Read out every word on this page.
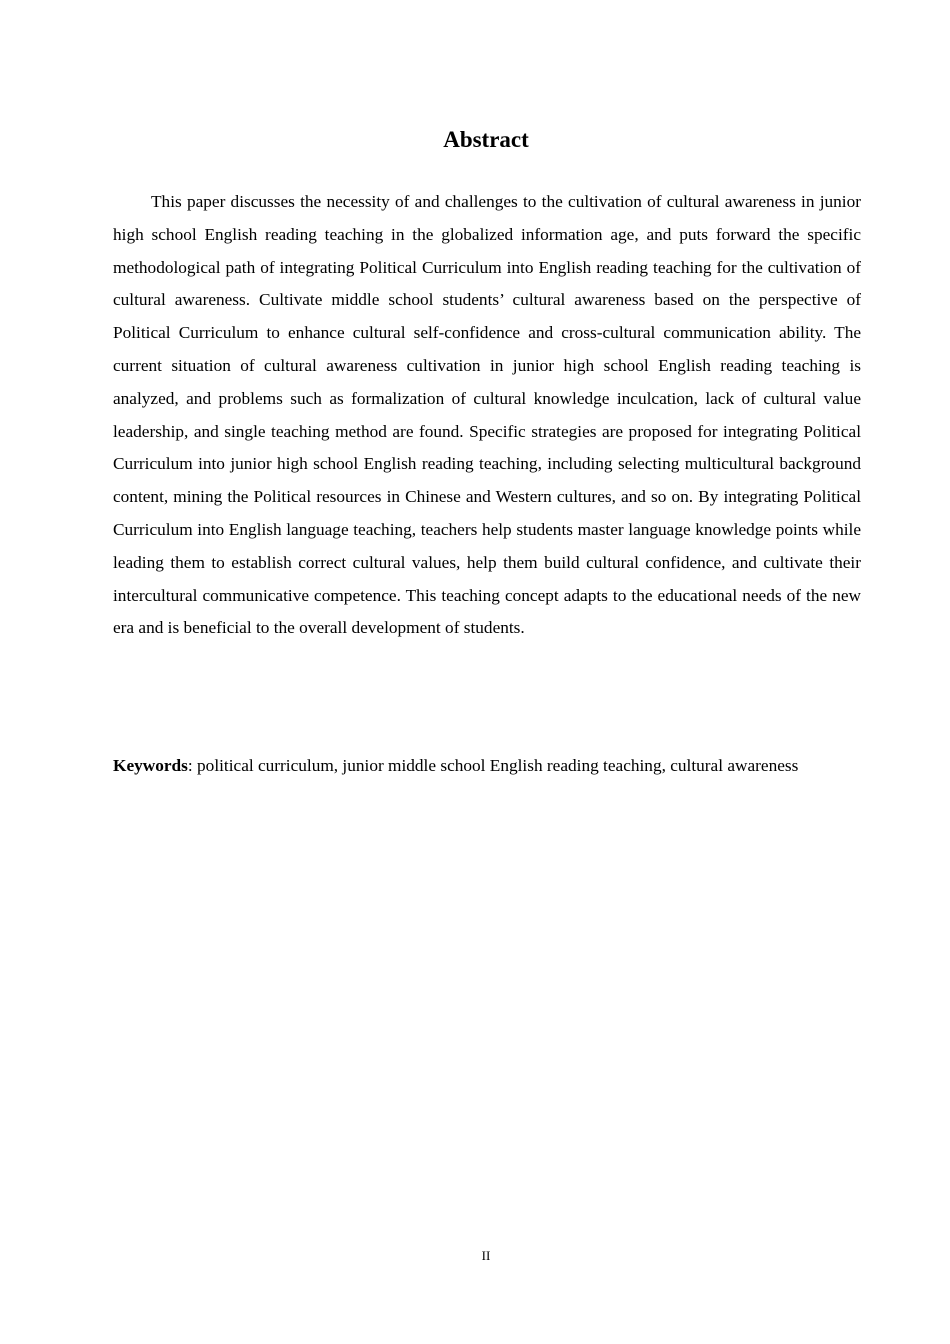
Abstract

This paper discusses the necessity of and challenges to the cultivation of cultural awareness in junior high school English reading teaching in the globalized information age, and puts forward the specific methodological path of integrating Political Curriculum into English reading teaching for the cultivation of cultural awareness. Cultivate middle school students’ cultural awareness based on the perspective of Political Curriculum to enhance cultural self-confidence and cross-cultural communication ability. The current situation of cultural awareness cultivation in junior high school English reading teaching is analyzed, and problems such as formalization of cultural knowledge inculcation, lack of cultural value leadership, and single teaching method are found. Specific strategies are proposed for integrating Political Curriculum into junior high school English reading teaching, including selecting multicultural background content, mining the Political resources in Chinese and Western cultures, and so on. By integrating Political Curriculum into English language teaching, teachers help students master language knowledge points while leading them to establish correct cultural values, help them build cultural confidence, and cultivate their intercultural communicative competence. This teaching concept adapts to the educational needs of the new era and is beneficial to the overall development of students.

Keywords: political curriculum, junior middle school English reading teaching, cultural awareness

II
